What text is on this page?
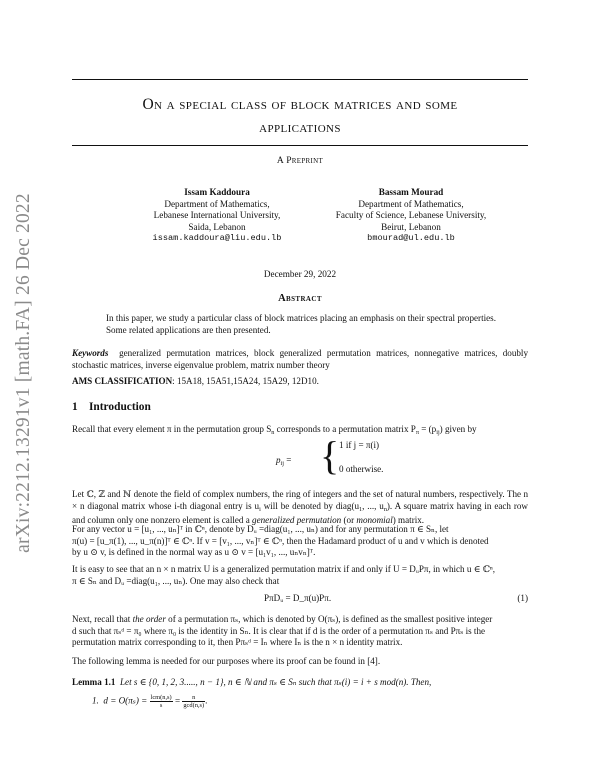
arXiv:2212.13291v1 [math.FA] 26 Dec 2022
On a special class of block matrices and some
applications
A Preprint
Issam Kaddoura
Department of Mathematics,
Lebanese International University,
Saida, Lebanon
issam.kaddoura@liu.edu.lb
Bassam Mourad
Department of Mathematics,
Faculty of Science, Lebanese University,
Beirut, Lebanon
bmourad@ul.edu.lb
December 29, 2022
Abstract
In this paper, we study a particular class of block matrices placing an emphasis on their spectral properties. Some related applications are then presented.
Keywords generalized permutation matrices, block generalized permutation matrices, nonnegative matrices, doubly stochastic matrices, inverse eigenvalue problem, matrix number theory
AMS CLASSIFICATION: 15A18, 15A51,15A24, 15A29, 12D10.
1 Introduction
Recall that every element π in the permutation group $S_n$ corresponds to a permutation matrix $P_\pi = (p_{ij})$ given by
$p_{ij}$ = { 1 if j = π(i)
0 otherwise.
Let ℂ, ℤ and ℕ denote the field of complex numbers, the ring of integers and the set of natural numbers, respectively. The n × n diagonal matrix whose i-th diagonal entry is $u_i$ will be denoted by $diag(u_1$, ..., $u_n$). A square matrix having in each row and column only one nonzero element is called a generalized permutation (or monomial) matrix.
For any vector u = [u₁, ..., uₙ]ᵀ in ℂⁿ, denote by Dᵤ =diag(u₁, ..., uₙ) and for any permutation π ∈ Sₙ, let
π(u) = [u_π(1), ..., u_π(n)]ᵀ ∈ ℂⁿ. If v = [v₁, ..., vₙ]ᵀ ∈ ℂⁿ, then the Hadamard product of u and v which is denoted
by u ⊙ v, is defined in the normal way as u ⊙ v = [u₁v₁, ..., uₙvₙ]ᵀ.
It is easy to see that an n × n matrix U is a generalized permutation matrix if and only if U = DᵤPπ, in which u ∈ ℂⁿ,
π ∈ Sₙ and Dᵤ =diag(u₁, ..., uₙ). One may also check that
PπDᵤ = D_π(u)Pπ.	(1)
Next, recall that the order of a permutation πₛ, which is denoted by O(πₛ), is defined as the smallest positive integer
d such that πₛᵈ = π₀ where π₀ is the identity in Sₙ. It is clear that if d is the order of a permutation πₛ and Pπₛ is the
permutation matrix corresponding to it, then Pπₛᵈ = Iₙ where Iₙ is the n × n identity matrix.
The following lemma is needed for our purposes where its proof can be found in [4].
Lemma 1.1 Let s ∈ {0, 1, 2, 3....., n − 1}, n ∈ ℕ and πₛ ∈ Sₙ such that πₛ(i) = i + s mod(n). Then,
1. $d = O(\pi_s) = \frac{\text{lcm(n,s)}}{s} = \frac{n}{\gcd(n,s)}$ .
